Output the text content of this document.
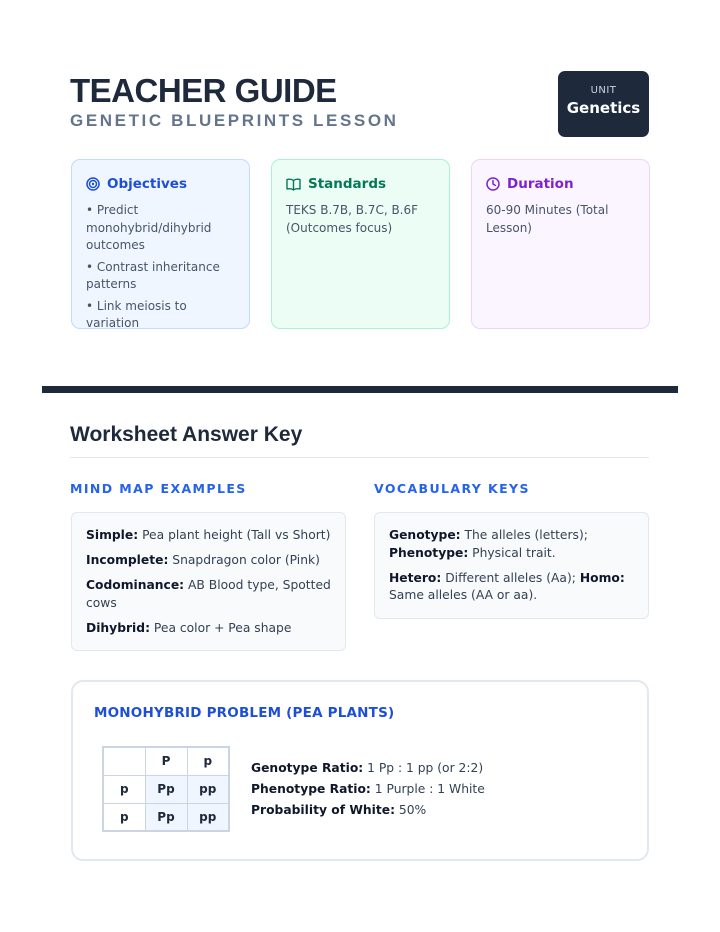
TEACHER GUIDE
GENETIC BLUEPRINTS LESSON
UNIT
Genetics
Objectives
• Predict monohybrid/dihybrid outcomes
• Contrast inheritance patterns
• Link meiosis to variation
Standards
TEKS B.7B, B.7C, B.6F (Outcomes focus)
Duration
60-90 Minutes (Total Lesson)
Worksheet Answer Key
MIND MAP EXAMPLES	VOCABULARY KEYS

Simple: Pea plant height (Tall vs Short)

Incomplete: Snapdragon color (Pink)

Codominance: AB Blood type, Spotted cows

Dihybrid: Pea color + Pea shape

Genotype: The alleles (letters); Phenotype: Physical trait.

Hetero: Different alleles (Aa); Homo: Same alleles (AA or aa).

MONOHYBRID PROBLEM (PEA PLANTS)
	P	p
p	Pp	pp
p	Pp	pp
Genotype Ratio: 1 Pp : 1 pp (or 2:2)
Phenotype Ratio: 1 Purple : 1 White
Probability of White: 50%
